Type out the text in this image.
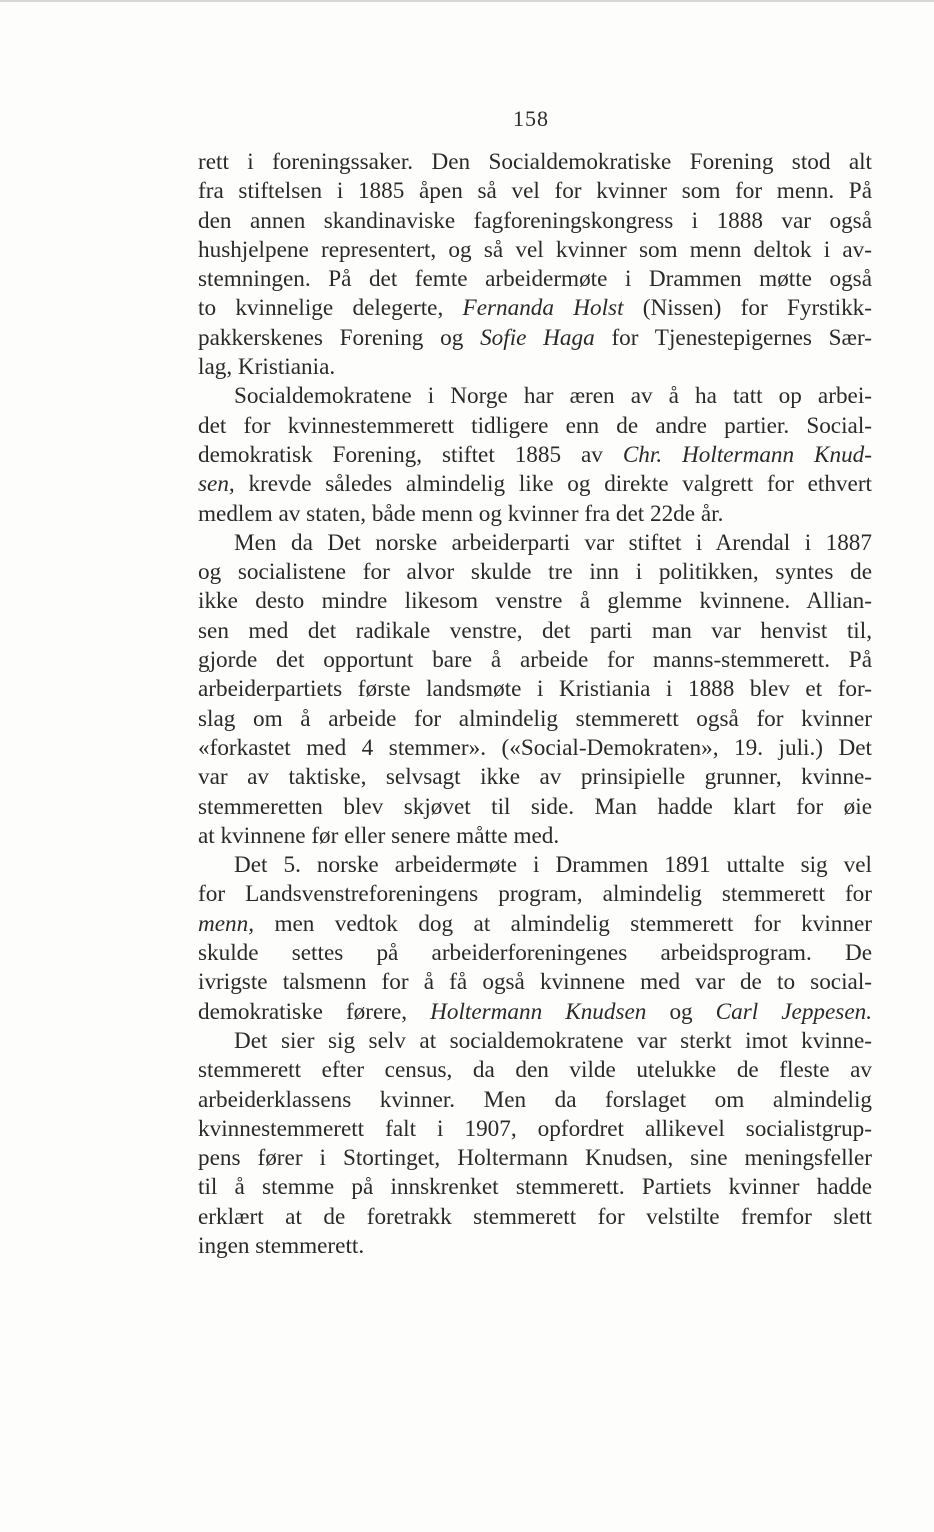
158
rett i foreningssaker. Den Socialdemokratiske Forening stod alt
fra stiftelsen i 1885 åpen så vel for kvinner som for menn. På
den annen skandinaviske fagforeningskongress i 1888 var også
hushjelpene representert, og så vel kvinner som menn deltok i av-
stemningen. På det femte arbeidermøte i Drammen møtte også
to kvinnelige delegerte, Fernanda Holst (Nissen) for Fyrstikk-
pakkerskenes Forening og Sofie Haga for Tjenestepigernes Sær-
lag, Kristiania.
Socialdemokratene i Norge har æren av å ha tatt op arbei-
det for kvinnestemmerett tidligere enn de andre partier. Social-
demokratisk Forening, stiftet 1885 av Chr. Holtermann Knud-
sen, krevde således almindelig like og direkte valgrett for ethvert
medlem av staten, både menn og kvinner fra det 22de år.
Men da Det norske arbeiderparti var stiftet i Arendal i 1887
og socialistene for alvor skulde tre inn i politikken, syntes de
ikke desto mindre likesom venstre å glemme kvinnene. Allian-
sen med det radikale venstre, det parti man var henvist til,
gjorde det opportunt bare å arbeide for manns-stemmerett. På
arbeiderpartiets første landsmøte i Kristiania i 1888 blev et for-
slag om å arbeide for almindelig stemmerett også for kvinner
«forkastet med 4 stemmer». («Social-Demokraten», 19. juli.) Det
var av taktiske, selvsagt ikke av prinsipielle grunner, kvinne-
stemmeretten blev skjøvet til side. Man hadde klart for øie
at kvinnene før eller senere måtte med.
Det 5. norske arbeidermøte i Drammen 1891 uttalte sig vel
for Landsvenstreforeningens program, almindelig stemmerett for
menn, men vedtok dog at almindelig stemmerett for kvinner
skulde settes på arbeiderforeningenes arbeidsprogram. De
ivrigste talsmenn for å få også kvinnene med var de to social-
demokratiske førere, Holtermann Knudsen og Carl Jeppesen.
Det sier sig selv at socialdemokratene var sterkt imot kvinne-
stemmerett efter census, da den vilde utelukke de fleste av
arbeiderklassens kvinner. Men da forslaget om almindelig
kvinnestemmerett falt i 1907, opfordret allikevel socialistgrup-
pens fører i Stortinget, Holtermann Knudsen, sine meningsfeller
til å stemme på innskrenket stemmerett. Partiets kvinner hadde
erklært at de foretrakk stemmerett for velstilte fremfor slett
ingen stemmerett.
